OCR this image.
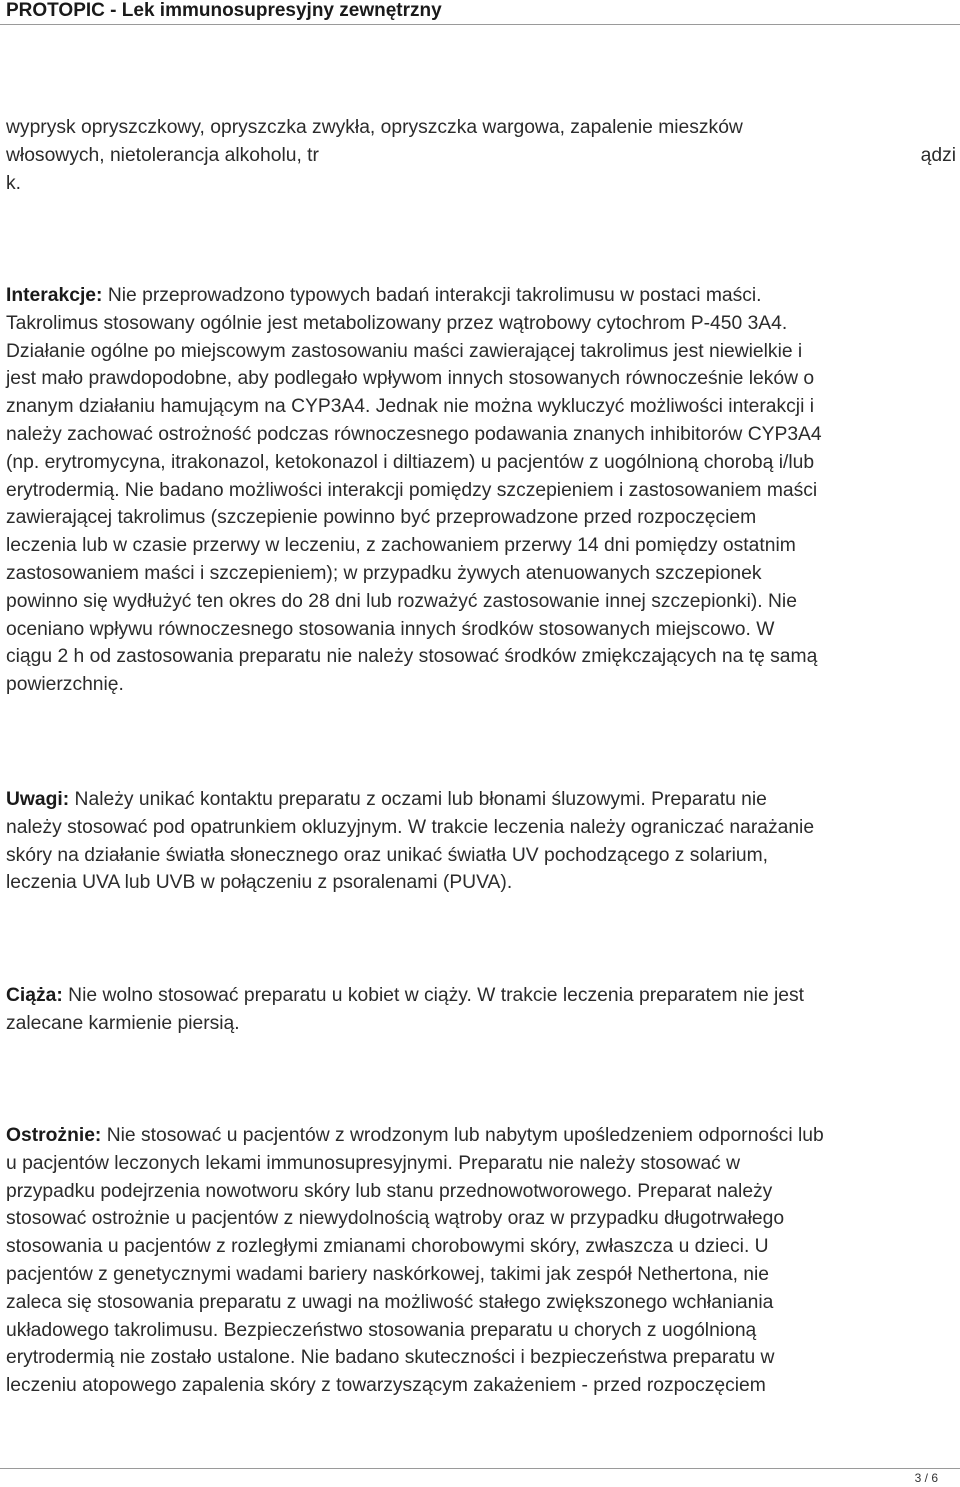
PROTOPIC - Lek immunosupresyjny zewnętrzny
wyprysk opryszczkowy, opryszczka zwykła, opryszczka wargowa, zapalenie mieszków
włosowych, nietolerancja alkoholu, tr	ądzi
k.
Interakcje: Nie przeprowadzono typowych badań interakcji takrolimusu w postaci maści.
Takrolimus stosowany ogólnie jest metabolizowany przez wątrobowy cytochrom P-450 3A4.
Działanie ogólne po miejscowym zastosowaniu maści zawierającej takrolimus jest niewielkie i
jest mało prawdopodobne, aby podlegało wpływom innych stosowanych równocześnie leków o
znanym działaniu hamującym na CYP3A4. Jednak nie można wykluczyć możliwości interakcji i
należy zachować ostrożność podczas równoczesnego podawania znanych inhibitorów CYP3A4
(np. erytromycyna, itrakonazol, ketokonazol i diltiazem) u pacjentów z uogólnioną chorobą i/lub
erytrodermią. Nie badano możliwości interakcji pomiędzy szczepieniem i zastosowaniem maści
zawierającej takrolimus (szczepienie powinno być przeprowadzone przed rozpoczęciem
leczenia lub w czasie przerwy w leczeniu, z zachowaniem przerwy 14 dni pomiędzy ostatnim
zastosowaniem maści i szczepieniem); w przypadku żywych atenuowanych szczepionek
powinno się wydłużyć ten okres do 28 dni lub rozważyć zastosowanie innej szczepionki). Nie
oceniano wpływu równoczesnego stosowania innych środków stosowanych miejscowo. W
ciągu 2 h od zastosowania preparatu nie należy stosować środków zmiękczających na tę samą
powierzchnię.
Uwagi: Należy unikać kontaktu preparatu z oczami lub błonami śluzowymi. Preparatu nie
należy stosować pod opatrunkiem okluzyjnym. W trakcie leczenia należy ograniczać narażanie
skóry na działanie światła słonecznego oraz unikać światła UV pochodzącego z solarium,
leczenia UVA lub UVB w połączeniu z psoralenami (PUVA).
Ciąża: Nie wolno stosować preparatu u kobiet w ciąży. W trakcie leczenia preparatem nie jest
zalecane karmienie piersią.
Ostrożnie: Nie stosować u pacjentów z wrodzonym lub nabytym upośledzeniem odporności lub
u pacjentów leczonych lekami immunosupresyjnymi. Preparatu nie należy stosować w
przypadku podejrzenia nowotworu skóry lub stanu przednowotworowego. Preparat należy
stosować ostrożnie u pacjentów z niewydolnością wątroby oraz w przypadku długotrwałego
stosowania u pacjentów z rozległymi zmianami chorobowymi skóry, zwłaszcza u dzieci. U
pacjentów z genetycznymi wadami bariery naskórkowej, takimi jak zespół Nethertona, nie
zaleca się stosowania preparatu z uwagi na możliwość stałego zwiększonego wchłaniania
układowego takrolimusu. Bezpieczeństwo stosowania preparatu u chorych z uogólnioną
erytrodermią nie zostało ustalone. Nie badano skuteczności i bezpieczeństwa preparatu w
leczeniu atopowego zapalenia skóry z towarzyszącym zakażeniem - przed rozpoczęciem
3 / 6
